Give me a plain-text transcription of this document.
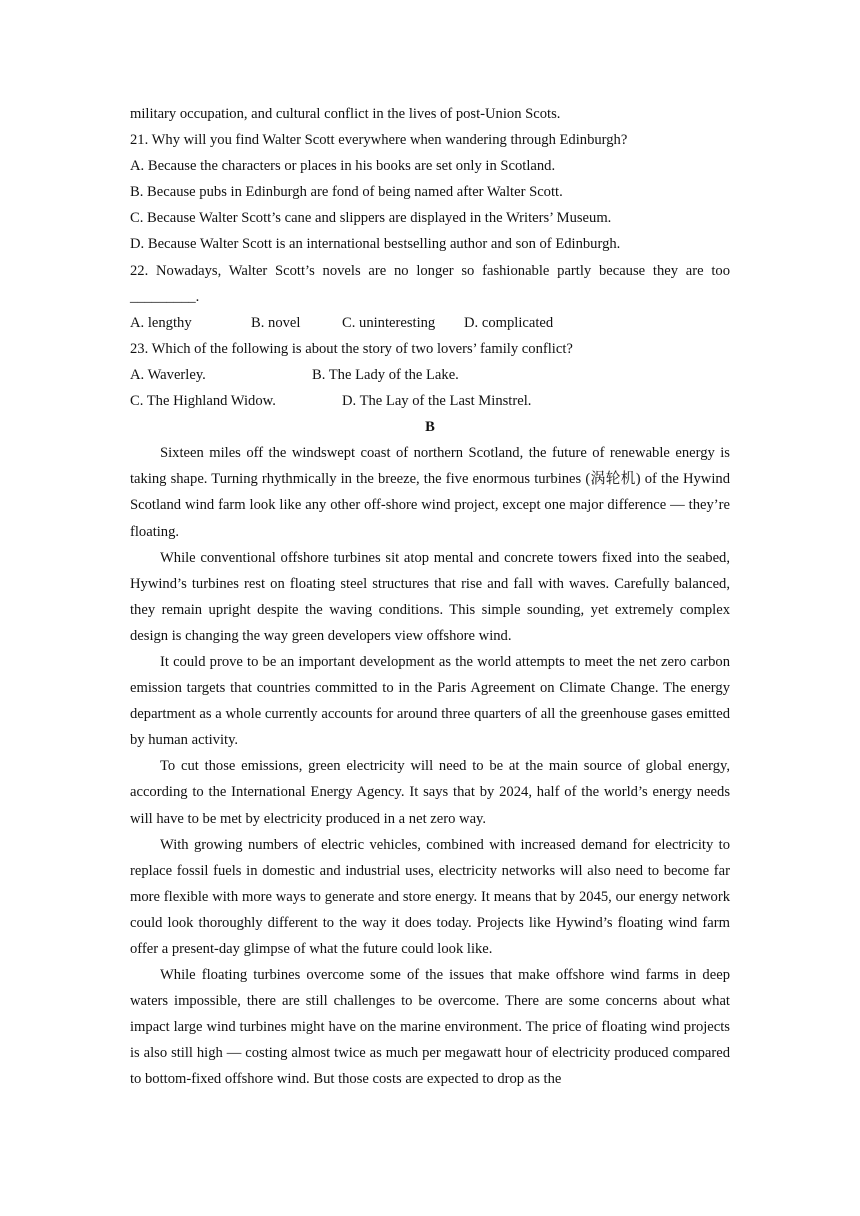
military occupation, and cultural conflict in the lives of post-Union Scots.
21. Why will you find Walter Scott everywhere when wandering through Edinburgh?
A. Because the characters or places in his books are set only in Scotland.
B. Because pubs in Edinburgh are fond of being named after Walter Scott.
C. Because Walter Scott’s cane and slippers are displayed in the Writers’ Museum.
D. Because Walter Scott is an international bestselling author and son of Edinburgh.
22. Nowadays, Walter Scott’s novels are no longer so fashionable partly because they are too
_________.
A. lengthy	B. novel	C. uninteresting	D. complicated
23. Which of the following is about the story of two lovers’ family conflict?
A. Waverley.	B. The Lady of the Lake.
C. The Highland Widow.	D. The Lay of the Last Minstrel.
B

Sixteen miles off the windswept coast of northern Scotland, the future of renewable energy is taking shape. Turning rhythmically in the breeze, the five enormous turbines (涡轮机) of the Hywind Scotland wind farm look like any other off-shore wind project, except one major difference — they’re floating.

While conventional offshore turbines sit atop mental and concrete towers fixed into the seabed, Hywind’s turbines rest on floating steel structures that rise and fall with waves. Carefully balanced, they remain upright despite the waving conditions. This simple sounding, yet extremely complex design is changing the way green developers view offshore wind.

It could prove to be an important development as the world attempts to meet the net zero carbon emission targets that countries committed to in the Paris Agreement on Climate Change. The energy department as a whole currently accounts for around three quarters of all the greenhouse gases emitted by human activity.

To cut those emissions, green electricity will need to be at the main source of global energy, according to the International Energy Agency. It says that by 2024, half of the world’s energy needs will have to be met by electricity produced in a net zero way.

With growing numbers of electric vehicles, combined with increased demand for electricity to replace fossil fuels in domestic and industrial uses, electricity networks will also need to become far more flexible with more ways to generate and store energy. It means that by 2045, our energy network could look thoroughly different to the way it does today. Projects like Hywind’s floating wind farm offer a present-day glimpse of what the future could look like.

While floating turbines overcome some of the issues that make offshore wind farms in deep waters impossible, there are still challenges to be overcome. There are some concerns about what impact large wind turbines might have on the marine environment. The price of floating wind projects is also still high — costing almost twice as much per megawatt hour of electricity produced compared to bottom-fixed offshore wind. But those costs are expected to drop as the
